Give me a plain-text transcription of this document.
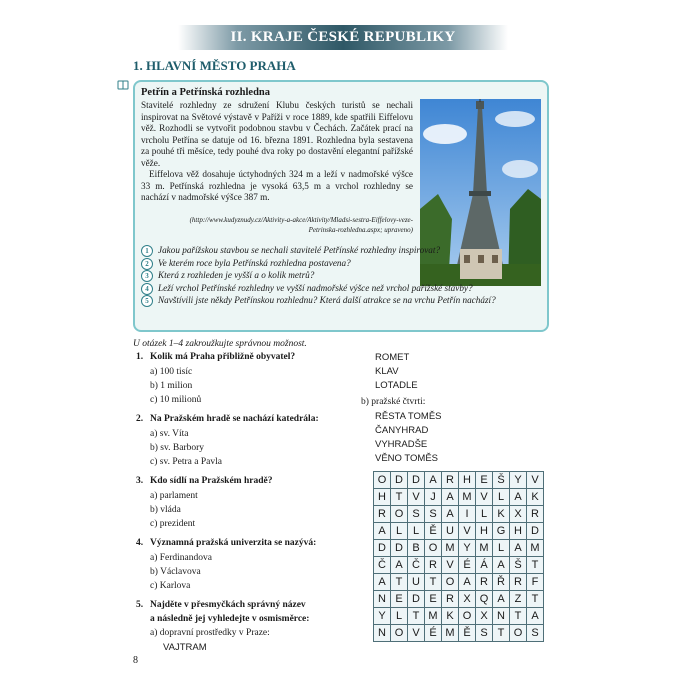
II. KRAJE ČESKÉ REPUBLIKY
1. HLAVNÍ MĚSTO PRAHA
Petřín a Petřínská rozhledna

Stavitelé rozhledny ze sdružení Klubu českých turistů se nechali inspirovat na Světové výstavě v Paříži v roce 1889, kde spatřili Eiffelovu věž. Rozhodli se vytvořit podobnou stavbu v Čechách. Začátek prací na vrcholu Petřína se datuje od 16. března 1891. Rozhledna byla sestavena za pouhé tři měsíce, tedy pouhé dva roky po dostavění elegantní pařížské věže.

Eiffelova věž dosahuje úctyhodných 324 m a leží v nadmořské výšce 33 m. Petřínská rozhledna je vysoká 63,5 m a vrchol rozhledny se nachází v nadmořské výšce 387 m.

(http://www.kudyznudy.cz/Aktivity-a-akce/Aktivity/Mladsi-sestra-Eiffelovy-veze-
Petrinska-rozhledna.aspx; upraveno)
1	Jakou pařížskou stavbou se nechali stavitelé Petřínské rozhledny inspirovat?
2	Ve kterém roce byla Petřínská rozhledna postavena?
3	Která z rozhleden je vyšší a o kolik metrů?
4	Leží vrchol Petřínské rozhledny ve vyšší nadmořské výšce než vrchol pařížské stavby?
5	Navštívili jste někdy Petřínskou rozhlednu? Která další atrakce se na vrchu Petřín nachází?
U otázek 1–4 zakroužkujte správnou možnost.
1. Kolik má Praha přibližně obyvatel?
a) 100 tisíc
b) 1 milion
c) 10 milionů
2. Na Pražském hradě se nachází katedrála:
a) sv. Víta
b) sv. Barbory
c) sv. Petra a Pavla
3. Kdo sídlí na Pražském hradě?
a) parlament
b) vláda
c) prezident
4. Významná pražská univerzita se nazývá:
a) Ferdinandova
b) Václavova
c) Karlova
5. Najděte v přesmyčkách správný název
a následně jej vyhledejte v osmisměrce:
a) dopravní prostředky v Praze:
VAJTRAM
ROMET
KLAV
LOTADLE
b) pražské čtvrti:
RĚSTA TOMĚS
ČANYHRAD
VYHRADŠE
VĚNO TOMĚS
O	D	D	A	R	H	E	Š	Y	V
H	T	V	J	A	M	V	L	A	K
R	O	S	S	A	I	L	K	X	R
A	L	L	Ě	U	V	H	G	H	D
D	D	B	O	M	Y	M	L	A	M
Č	A	Č	R	V	É	Á	A	Š	T
A	T	U	T	O	A	R	Ř	R	F
N	E	D	E	R	X	Q	A	Z	T
Y	L	T	M	K	O	X	N	T	A
N	O	V	É	M	Ě	S	T	O	S
8
